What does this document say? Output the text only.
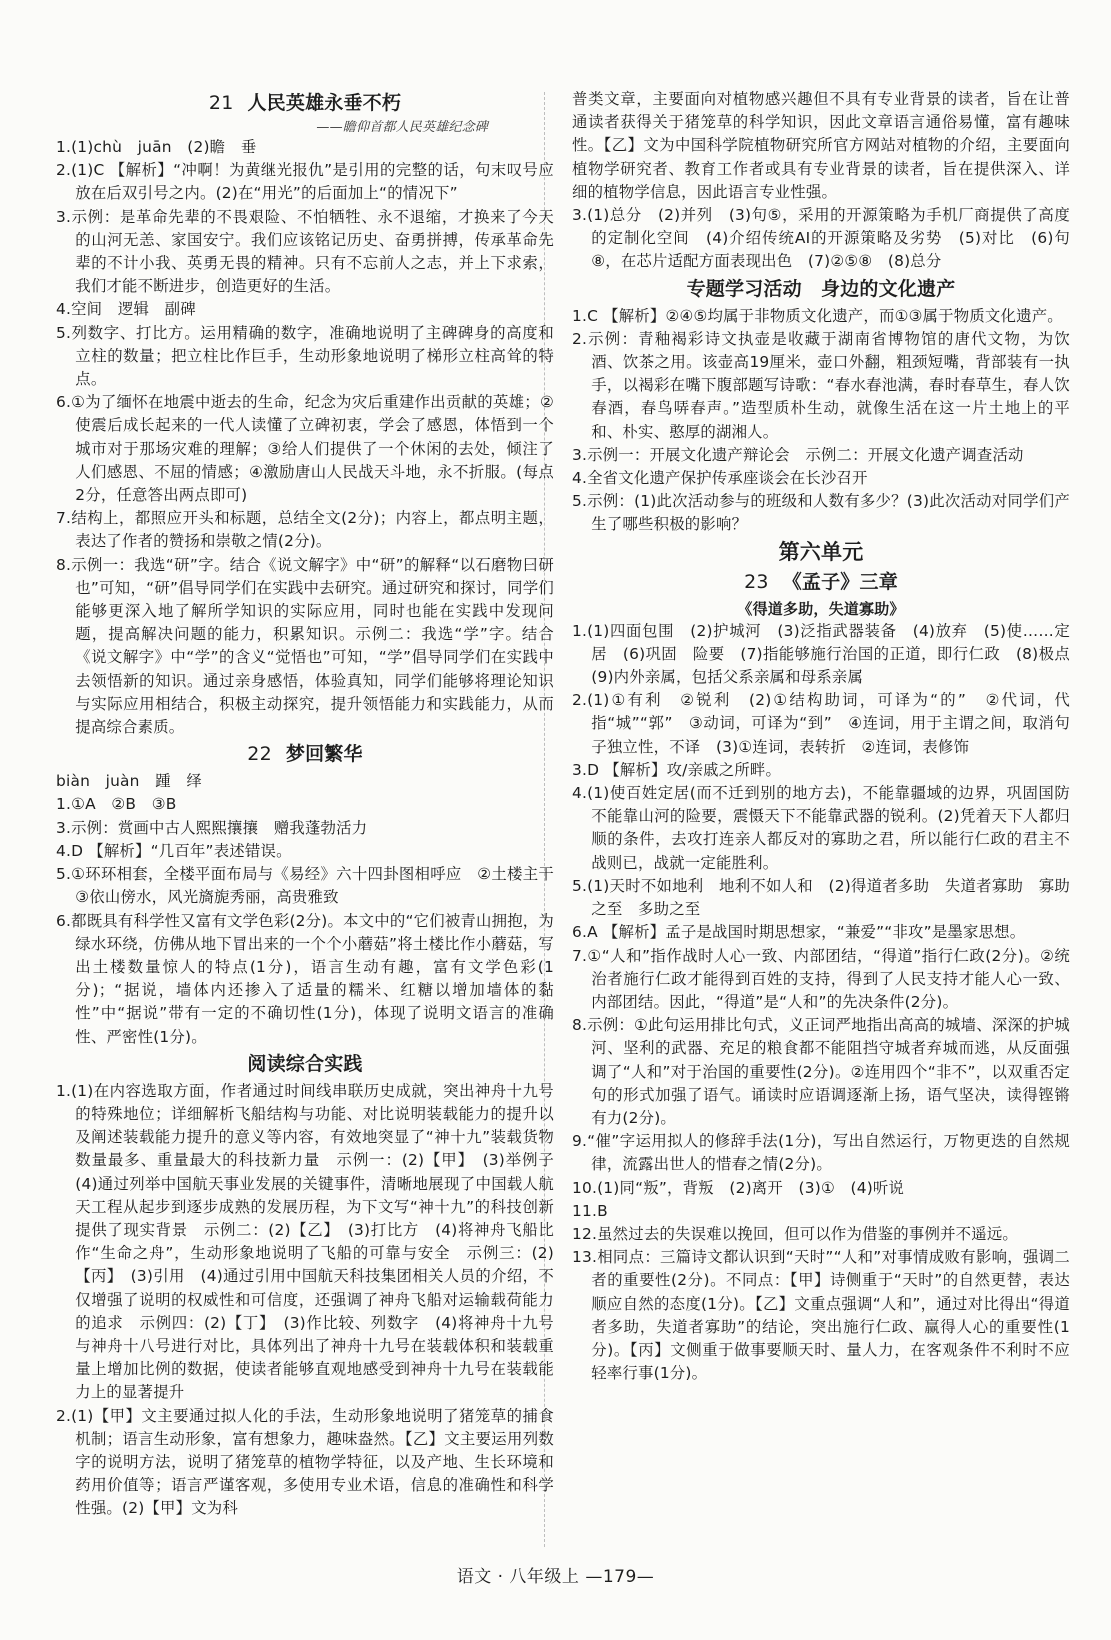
21 人民英雄永垂不朽
——瞻仰首都人民英雄纪念碑
1.(1)chù　juān　(2)瞻　垂
2.(1)C 【解析】“冲啊！为黄继光报仇”是引用的完整的话，句末叹号应放在后双引号之内。(2)在“用光”的后面加上“的情况下”
3.示例：是革命先辈的不畏艰险、不怕牺牲、永不退缩，才换来了今天的山河无恙、家国安宁。我们应该铭记历史、奋勇拼搏，传承革命先辈的不计小我、英勇无畏的精神。只有不忘前人之志，并上下求索，我们才能不断进步，创造更好的生活。
4.空间　逻辑　副碑
5.列数字、打比方。运用精确的数字，准确地说明了主碑碑身的高度和立柱的数量；把立柱比作巨手，生动形象地说明了梯形立柱高耸的特点。
6.①为了缅怀在地震中逝去的生命，纪念为灾后重建作出贡献的英雄；②使震后成长起来的一代人读懂了立碑初衷，学会了感恩，体悟到一个城市对于那场灾难的理解；③给人们提供了一个休闲的去处，倾注了人们感恩、不屈的情感；④激励唐山人民战天斗地，永不折服。(每点2分，任意答出两点即可)
7.结构上，都照应开头和标题，总结全文(2分)；内容上，都点明主题，表达了作者的赞扬和崇敬之情(2分)。
8.示例一：我选“研”字。结合《说文解字》中“研”的解释“以石磨物曰研也”可知，“研”倡导同学们在实践中去研究。通过研究和探讨，同学们能够更深入地了解所学知识的实际应用，同时也能在实践中发现问题，提高解决问题的能力，积累知识。示例二：我选“学”字。结合《说文解字》中“学”的含义“觉悟也”可知，“学”倡导同学们在实践中去领悟新的知识。通过亲身感悟，体验真知，同学们能够将理论知识与实际应用相结合，积极主动探究，提升领悟能力和实践能力，从而提高综合素质。
22 梦回繁华
biàn　juàn　踵　绎
1.①A　②B　③B
3.示例：赏画中古人熙熙攘攘　赠我蓬勃活力
4.D 【解析】“几百年”表述错误。
5.①环环相套，全楼平面布局与《易经》六十四卦图相呼应　②土楼主干　③依山傍水，风光旖旎秀丽，高贵雅致
6.都既具有科学性又富有文学色彩(2分)。本文中的“它们被青山拥抱，为绿水环绕，仿佛从地下冒出来的一个个小蘑菇”将土楼比作小蘑菇，写出土楼数量惊人的特点(1分)，语言生动有趣，富有文学色彩(1分)；“据说，墙体内还掺入了适量的糯米、红糖以增加墙体的黏性”中“据说”带有一定的不确切性(1分)，体现了说明文语言的准确性、严密性(1分)。
阅读综合实践
1.(1)在内容选取方面，作者通过时间线串联历史成就，突出神舟十九号的特殊地位；详细解析飞船结构与功能、对比说明装载能力的提升以及阐述装载能力提升的意义等内容，有效地突显了“神十九”装载货物数量最多、重量最大的科技新力量　示例一：(2)【甲】　(3)举例子　(4)通过列举中国航天事业发展的关键事件，清晰地展现了中国载人航天工程从起步到逐步成熟的发展历程，为下文写“神十九”的科技创新提供了现实背景　示例二：(2)【乙】　(3)打比方　(4)将神舟飞船比作“生命之舟”，生动形象地说明了飞船的可靠与安全　示例三：(2)【丙】　(3)引用　(4)通过引用中国航天科技集团相关人员的介绍，不仅增强了说明的权威性和可信度，还强调了神舟飞船对运输载荷能力的追求　示例四：(2)【丁】　(3)作比较、列数字　(4)将神舟十九号与神舟十八号进行对比，具体列出了神舟十九号在装载体积和装载重量上增加比例的数据，使读者能够直观地感受到神舟十九号在装载能力上的显著提升
2.(1)【甲】文主要通过拟人化的手法，生动形象地说明了猪笼草的捕食机制；语言生动形象，富有想象力，趣味盎然。【乙】文主要运用列数字的说明方法，说明了猪笼草的植物学特征，以及产地、生长环境和药用价值等；语言严谨客观，多使用专业术语，信息的准确性和科学性强。(2)【甲】文为科
普类文章，主要面向对植物感兴趣但不具有专业背景的读者，旨在让普通读者获得关于猪笼草的科学知识，因此文章语言通俗易懂，富有趣味性。【乙】文为中国科学院植物研究所官方网站对植物的介绍，主要面向植物学研究者、教育工作者或具有专业背景的读者，旨在提供深入、详细的植物学信息，因此语言专业性强。
3.(1)总分　(2)并列　(3)句⑤，采用的开源策略为手机厂商提供了高度的定制化空间　(4)介绍传统AI的开源策略及劣势　(5)对比　(6)句⑧，在芯片适配方面表现出色　(7)②⑤⑧　(8)总分
专题学习活动　身边的文化遗产
1.C 【解析】②④⑤均属于非物质文化遗产，而①③属于物质文化遗产。
2.示例：青釉褐彩诗文执壶是收藏于湖南省博物馆的唐代文物，为饮酒、饮茶之用。该壶高19厘米，壶口外翻，粗颈短嘴，背部装有一执手，以褐彩在嘴下腹部题写诗歌：“春水春池满，春时春草生，春人饮春酒，春鸟哢春声。”造型质朴生动，就像生活在这一片土地上的平和、朴实、憨厚的湖湘人。
3.示例一：开展文化遗产辩论会　示例二：开展文化遗产调查活动
4.全省文化遗产保护传承座谈会在长沙召开
5.示例：(1)此次活动参与的班级和人数有多少？(3)此次活动对同学们产生了哪些积极的影响？
第六单元
23 《孟子》三章
《得道多助，失道寡助》
1.(1)四面包围　(2)护城河　(3)泛指武器装备　(4)放弃　(5)使……定居　(6)巩固　险要　(7)指能够施行治国的正道，即行仁政　(8)极点　(9)内外亲属，包括父系亲属和母系亲属
2.(1)①有利　②锐利　(2)①结构助词，可译为“的”　②代词，代指“城”“郭”　③动词，可译为“到”　④连词，用于主谓之间，取消句子独立性，不译　(3)①连词，表转折　②连词，表修饰
3.D 【解析】攻/亲戚之所畔。
4.(1)使百姓定居(而不迁到别的地方去)，不能靠疆域的边界，巩固国防不能靠山河的险要，震慑天下不能靠武器的锐利。(2)凭着天下人都归顺的条件，去攻打连亲人都反对的寡助之君，所以能行仁政的君主不战则已，战就一定能胜利。
5.(1)天时不如地利　地利不如人和　(2)得道者多助　失道者寡助　寡助之至　多助之至
6.A 【解析】孟子是战国时期思想家，“兼爱”“非攻”是墨家思想。
7.①“人和”指作战时人心一致、内部团结，“得道”指行仁政(2分)。②统治者施行仁政才能得到百姓的支持，得到了人民支持才能人心一致、内部团结。因此，“得道”是“人和”的先决条件(2分)。
8.示例：①此句运用排比句式，义正词严地指出高高的城墙、深深的护城河、坚利的武器、充足的粮食都不能阻挡守城者弃城而逃，从反面强调了“人和”对于治国的重要性(2分)。②连用四个“非不”，以双重否定句的形式加强了语气。诵读时应语调逐渐上扬，语气坚决，读得铿锵有力(2分)。
9.“催”字运用拟人的修辞手法(1分)，写出自然运行，万物更迭的自然规律，流露出世人的惜春之情(2分)。
10.(1)同“叛”，背叛　(2)离开　(3)①　(4)听说
11.B
12.虽然过去的失误难以挽回，但可以作为借鉴的事例并不遥远。
13.相同点：三篇诗文都认识到“天时”“人和”对事情成败有影响，强调二者的重要性(2分)。不同点：【甲】诗侧重于“天时”的自然更替，表达顺应自然的态度(1分)。【乙】文重点强调“人和”，通过对比得出“得道者多助，失道者寡助”的结论，突出施行仁政、赢得人心的重要性(1分)。【丙】文侧重于做事要顺天时、量人力，在客观条件不利时不应轻率行事(1分)。
语文 · 八年级上 —179—
